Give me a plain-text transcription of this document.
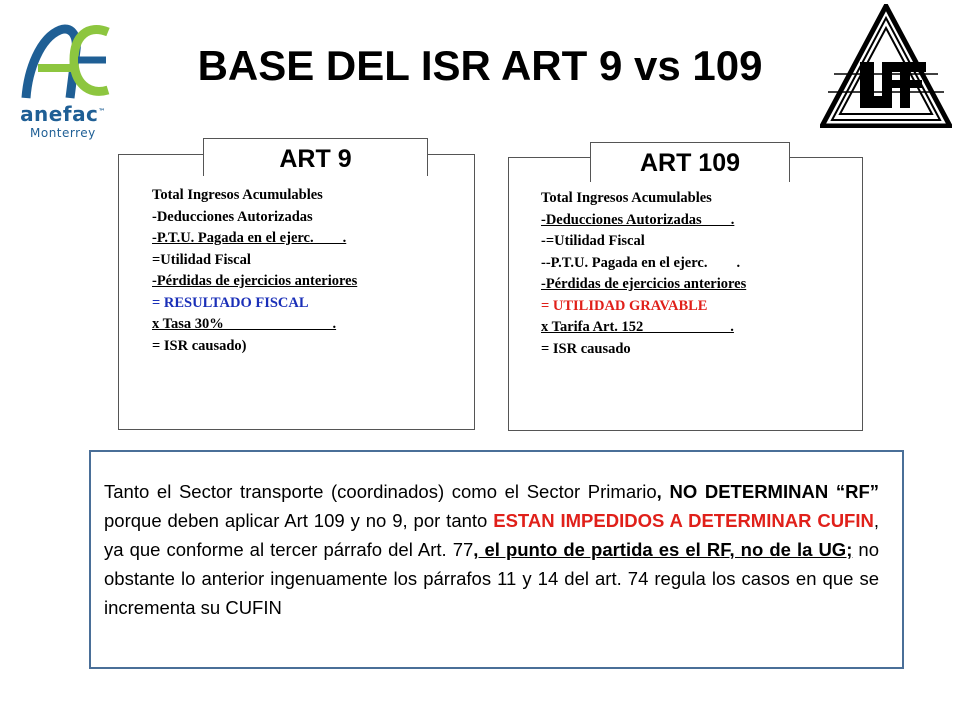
anefac™
Monterrey
BASE DEL ISR ART 9 vs 109
ART 9
Total Ingresos Acumulables
-Deducciones Autorizadas
-P.T.U. Pagada en el ejerc.        .
=Utilidad Fiscal
-Pérdidas de ejercicios anteriores
= RESULTADO FISCAL
x Tasa 30%                              .
= ISR causado)
ART 109
Total Ingresos Acumulables
-Deducciones Autorizadas        .
-=Utilidad Fiscal
--P.T.U. Pagada en el ejerc.        .
-Pérdidas de ejercicios anteriores
= UTILIDAD GRAVABLE
x Tarifa Art. 152                        .
= ISR causado
Tanto el Sector transporte (coordinados) como el Sector Primario, NO DETERMINAN “RF” porque deben aplicar Art 109 y no 9, por tanto ESTAN IMPEDIDOS A DETERMINAR CUFIN, ya que conforme al tercer párrafo del Art. 77, el punto de partida es el RF, no de la UG; no obstante lo anterior ingenuamente los párrafos 11 y 14 del art. 74 regula los casos en que se incrementa su CUFIN
